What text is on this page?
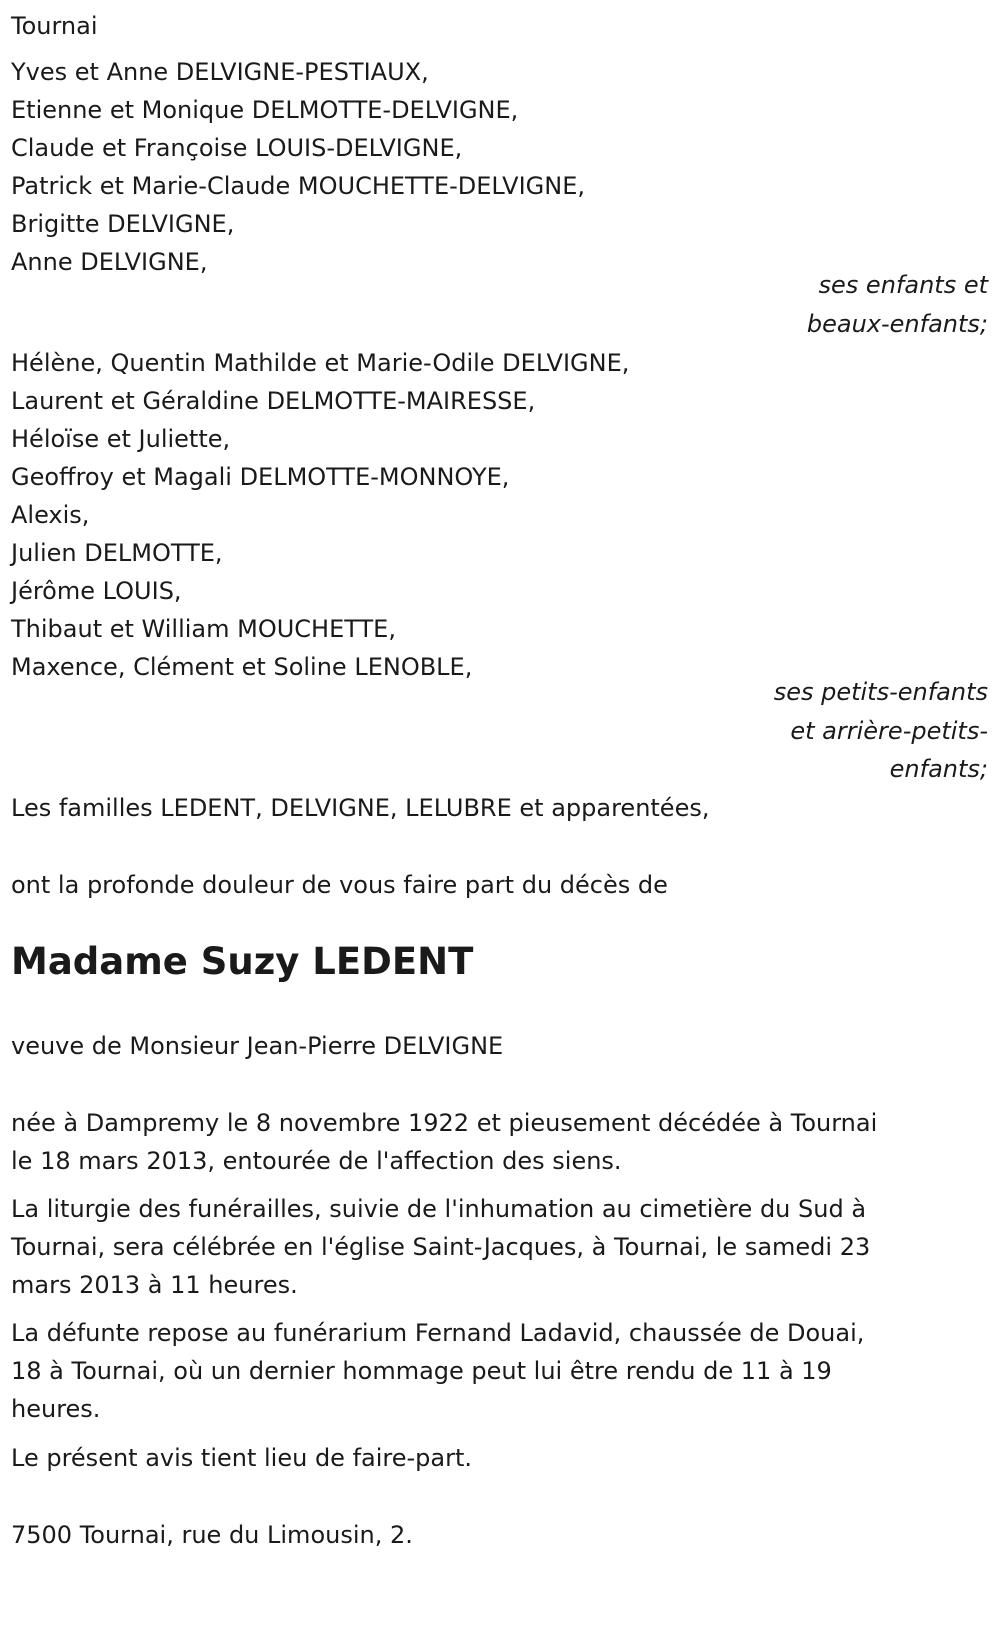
Tournai

Yves et Anne DELVIGNE-PESTIAUX,

Etienne et Monique DELMOTTE-DELVIGNE,

Claude et Françoise LOUIS-DELVIGNE,

Patrick et Marie-Claude MOUCHETTE-DELVIGNE,

Brigitte DELVIGNE,

Anne DELVIGNE,

ses enfants et

beaux-enfants;

Hélène, Quentin Mathilde et Marie-Odile DELVIGNE,

Laurent et Géraldine DELMOTTE-MAIRESSE,

Héloïse et Juliette,

Geoffroy et Magali DELMOTTE-MONNOYE,

Alexis,

Julien DELMOTTE,

Jérôme LOUIS,

Thibaut et William MOUCHETTE,

Maxence, Clément et Soline LENOBLE,

ses petits-enfants

et arrière-petits-

enfants;

Les familles LEDENT, DELVIGNE, LELUBRE et apparentées,

ont la profonde douleur de vous faire part du décès de

Madame Suzy LEDENT

veuve de Monsieur Jean-Pierre DELVIGNE

née à Dampremy le 8 novembre 1922 et pieusement décédée à Tournai

le 18 mars 2013, entourée de l'affection des siens.

La liturgie des funérailles, suivie de l'inhumation au cimetière du Sud à

Tournai, sera célébrée en l'église Saint-Jacques, à Tournai, le samedi 23

mars 2013 à 11 heures.

La défunte repose au funérarium Fernand Ladavid, chaussée de Douai,

18 à Tournai, où un dernier hommage peut lui être rendu de 11 à 19

heures.

Le présent avis tient lieu de faire-part.

7500 Tournai, rue du Limousin, 2.
